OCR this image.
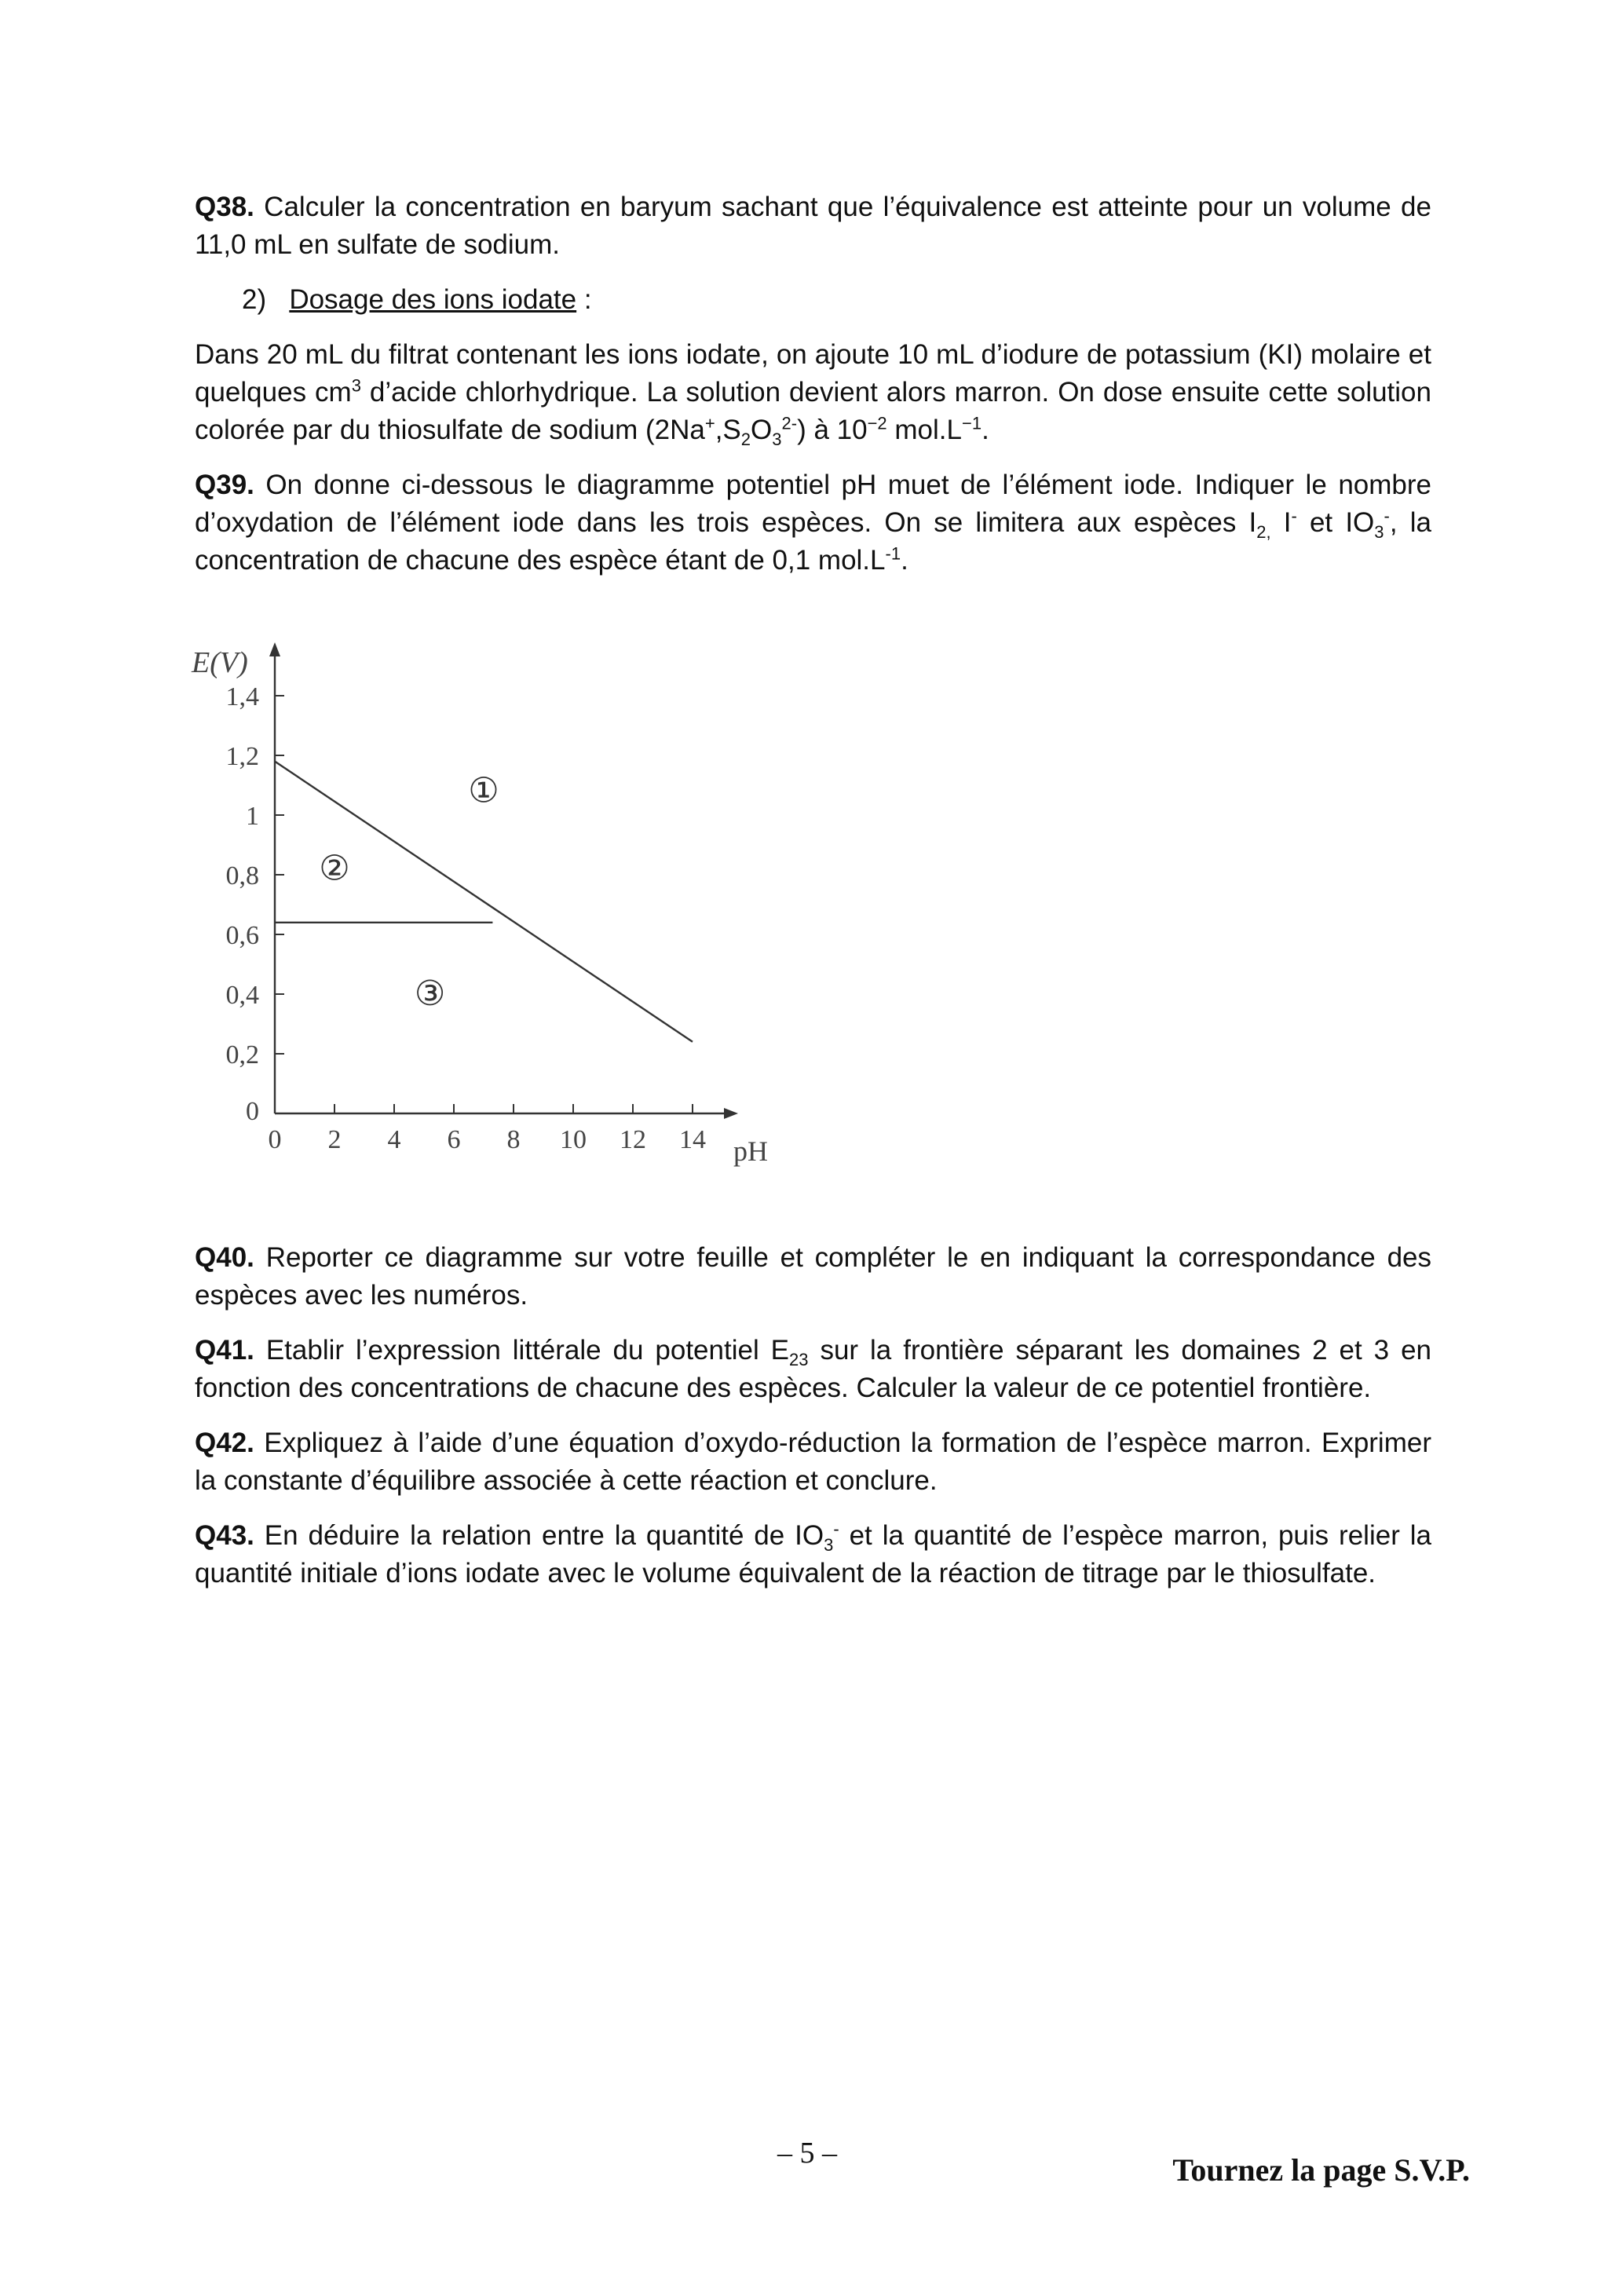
Q38. Calculer la concentration en baryum sachant que l’équivalence est atteinte pour un volume de 11,0 mL en sulfate de sodium.

2) Dosage des ions iodate :

Dans 20 mL du filtrat contenant les ions iodate, on ajoute 10 mL d’iodure de potassium (KI) molaire et quelques $cm^3$ d’acide chlorhydrique. La solution devient alors marron. On dose ensuite cette solution colorée par du thiosulfate de sodium $(2Na^+,S_2O_3^{2-})$ à $10^{-2}$ $mol.L^{-1}$.

Q39. On donne ci-dessous le diagramme potentiel pH muet de l’élément iode. Indiquer le nombre d’oxydation de l’élément iode dans les trois espèces. On se limitera aux espèces $I_{2,}$ I- et $IO_3^-$, la concentration de chacune des espèce étant de 0,1 $mol.L^{-1}$.

0 2 4 6 8 10 12 14
0
0,2
0,4
0,6
0,8
1
1,2
1,4
E(V)
pH
①
②
③

Q40. Reporter ce diagramme sur votre feuille et compléter le en indiquant la correspondance des espèces avec les numéros.

Q41. Etablir l’expression littérale du potentiel $E_{23}$ sur la frontière séparant les domaines 2 et 3 en fonction des concentrations de chacune des espèces. Calculer la valeur de ce potentiel frontière.

Q42. Expliquez à l’aide d’une équation d’oxydo-réduction la formation de l’espèce marron. Exprimer la constante d’équilibre associée à cette réaction et conclure.

Q43. En déduire la relation entre la quantité de $IO_3^-$ et la quantité de l’espèce marron, puis relier la quantité initiale d’ions iodate avec le volume équivalent de la réaction de titrage par le thiosulfate.

– 5 –	Tournez la page S.V.P.
